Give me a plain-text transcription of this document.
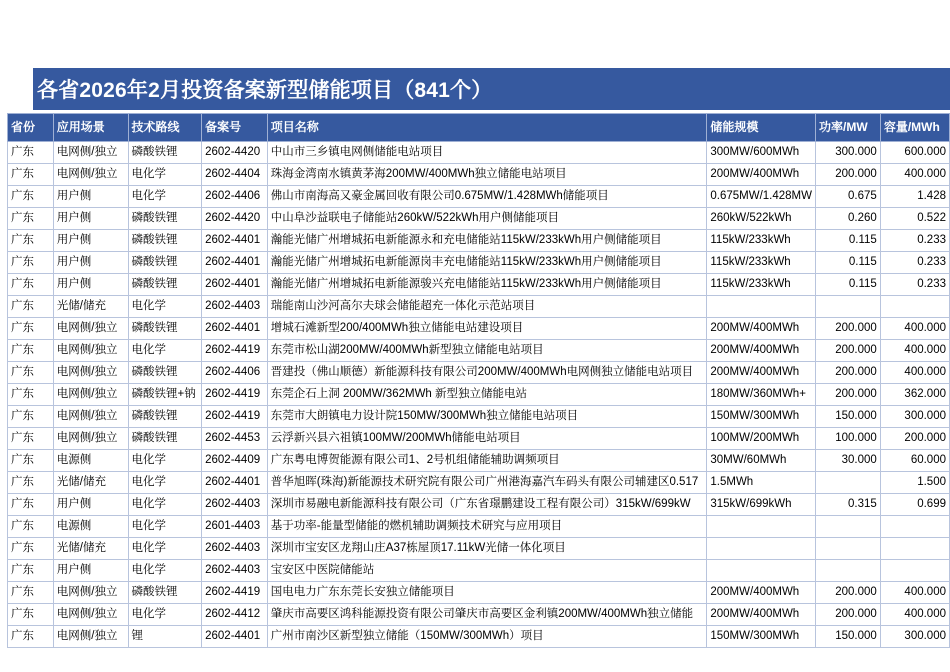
各省2026年2月投资备案新型储能项目（841个）
省份	应用场景	技术路线	备案号	项目名称	储能规模	功率/MW	容量/MWh
广东	电网侧/独立	磷酸铁锂	2602-4420	中山市三乡镇电网侧储能电站项目	300MW/600MWh	300.000	600.000
广东	电网侧/独立	电化学	2602-4404	珠海金湾南水镇黄茅海200MW/400MWh独立储能电站项目	200MW/400MWh	200.000	400.000
广东	用户侧	电化学	2602-4406	佛山市南海高又豪金属回收有限公司0.675MW/1.428MWh储能项目	0.675MW/1.428MW	0.675	1.428
广东	用户侧	磷酸铁锂	2602-4420	中山阜沙益联电子储能站260kW/522kWh用户侧储能项目	260kW/522kWh	0.260	0.522
广东	用户侧	磷酸铁锂	2602-4401	瀚能光储广州增城拓电新能源永和充电储能站115kW/233kWh用户侧储能项目	115kW/233kWh	0.115	0.233
广东	用户侧	磷酸铁锂	2602-4401	瀚能光储广州增城拓电新能源岗丰充电储能站115kW/233kWh用户侧储能项目	115kW/233kWh	0.115	0.233
广东	用户侧	磷酸铁锂	2602-4401	瀚能光储广州增城拓电新能源骏兴充电储能站115kW/233kWh用户侧储能项目	115kW/233kWh	0.115	0.233
广东	光储/储充	电化学	2602-4403	瑞能南山沙河高尔夫球会储能超充一体化示范站项目			
广东	电网侧/独立	磷酸铁锂	2602-4401	增城石滩新型200/400MWh独立储能电站建设项目	200MW/400MWh	200.000	400.000
广东	电网侧/独立	电化学	2602-4419	东莞市松山湖200MW/400MWh新型独立储能电站项目	200MW/400MWh	200.000	400.000
广东	电网侧/独立	磷酸铁锂	2602-4406	晋建投（佛山顺德）新能源科技有限公司200MW/400MWh电网侧独立储能电站项目	200MW/400MWh	200.000	400.000
广东	电网侧/独立	磷酸铁锂+钠	2602-4419	东莞企石上洞 200MW/362MWh 新型独立储能电站	180MW/360MWh+	200.000	362.000
广东	电网侧/独立	磷酸铁锂	2602-4419	东莞市大朗镇电力设计院150MW/300MWh独立储能电站项目	150MW/300MWh	150.000	300.000
广东	电网侧/独立	磷酸铁锂	2602-4453	云浮新兴县六祖镇100MW/200MWh储能电站项目	100MW/200MWh	100.000	200.000
广东	电源侧	电化学	2602-4409	广东粤电博贺能源有限公司1、2号机组储能辅助调频项目	30MW/60MWh	30.000	60.000
广东	光储/储充	电化学	2602-4401	普华旭晖(珠海)新能源技术研究院有限公司广州港海嘉汽车码头有限公司辅建区0.517	1.5MWh		1.500
广东	用户侧	电化学	2602-4403	深圳市易融电新能源科技有限公司（广东省璟鹏建设工程有限公司）315kW/699kW	315kW/699kWh	0.315	0.699
广东	电源侧	电化学	2601-4403	基于功率-能量型储能的燃机辅助调频技术研究与应用项目			
广东	光储/储充	电化学	2602-4403	深圳市宝安区龙翔山庄A37栋屋顶17.11kW光储一体化项目			
广东	用户侧	电化学	2602-4403	宝安区中医院储能站			
广东	电网侧/独立	磷酸铁锂	2602-4419	国电电力广东东莞长安独立储能项目	200MW/400MWh	200.000	400.000
广东	电网侧/独立	电化学	2602-4412	肇庆市高要区鸿科能源投资有限公司肇庆市高要区金利镇200MW/400MWh独立储能	200MW/400MWh	200.000	400.000
广东	电网侧/独立	锂	2602-4401	广州市南沙区新型独立储能（150MW/300MWh）项目	150MW/300MWh	150.000	300.000
